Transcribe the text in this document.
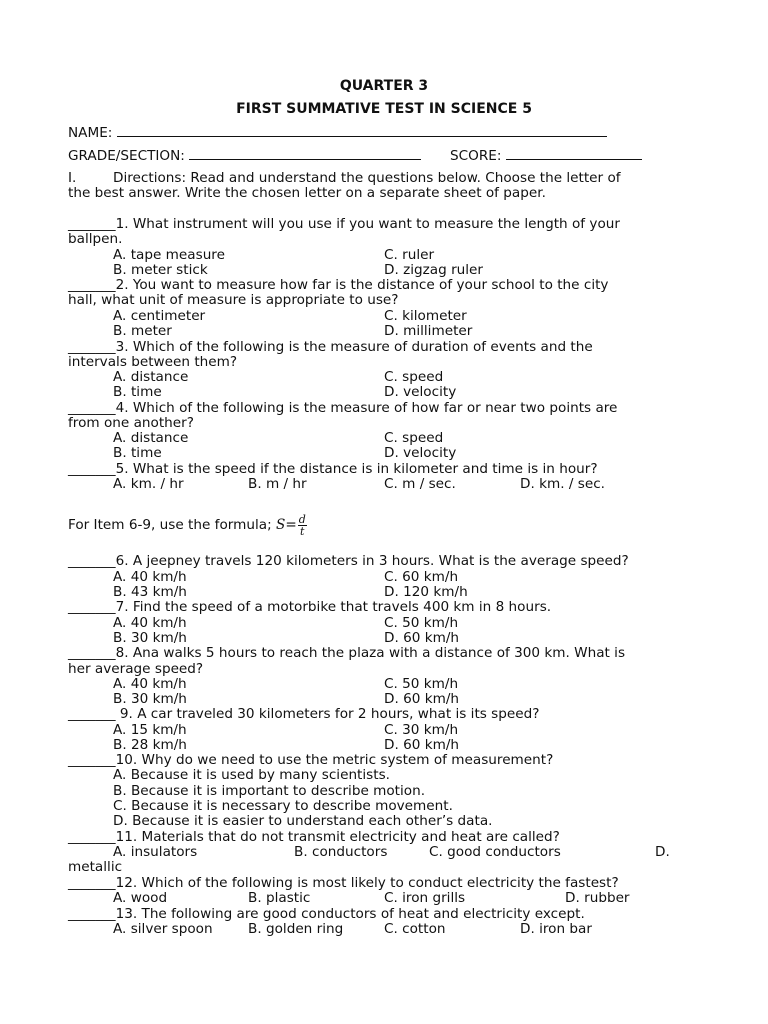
QUARTER 3
FIRST SUMMATIVE TEST IN SCIENCE 5
NAME:
GRADE/SECTION:	SCORE:
I.	Directions: Read and understand the questions below. Choose the letter of
the best answer. Write the chosen letter on a separate sheet of paper.
_______1. What instrument will you use if you want to measure the length of your
ballpen.
A. tape measure	C. ruler
B. meter stick	D. zigzag ruler
_______2. You want to measure how far is the distance of your school to the city
hall, what unit of measure is appropriate to use?
A. centimeter	C. kilometer
B. meter	D. millimeter
_______3. Which of the following is the measure of duration of events and the
intervals between them?
A. distance	C. speed
B. time	D. velocity
_______4. Which of the following is the measure of how far or near two points are
from one another?
A. distance	C. speed
B. time	D. velocity
_______5. What is the speed if the distance is in kilometer and time is in hour?
A. km. / hr	B. m / hr	C. m / sec.	D. km. / sec.
For Item 6-9, use the formula; $S= \frac{d}{t}$
_______6. A jeepney travels 120 kilometers in 3 hours. What is the average speed?
A. 40 km/h	C. 60 km/h
B. 43 km/h	D. 120 km/h
_______7. Find the speed of a motorbike that travels 400 km in 8 hours.
A. 40 km/h	C. 50 km/h
B. 30 km/h	D. 60 km/h
_______8. Ana walks 5 hours to reach the plaza with a distance of 300 km. What is
her average speed?
A. 40 km/h	C. 50 km/h
B. 30 km/h	D. 60 km/h
_______ 9. A car traveled 30 kilometers for 2 hours, what is its speed?
A. 15 km/h	C. 30 km/h
B. 28 km/h	D. 60 km/h
_______10. Why do we need to use the metric system of measurement?
A. Because it is used by many scientists.
B. Because it is important to describe motion.
C. Because it is necessary to describe movement.
D. Because it is easier to understand each other’s data.
_______11. Materials that do not transmit electricity and heat are called?
A. insulators	B. conductors	C. good conductors	D.
metallic
_______12. Which of the following is most likely to conduct electricity the fastest?
A. wood	B. plastic	C. iron grills	D. rubber
_______13. The following are good conductors of heat and electricity except.
A. silver spoon	B. golden ring	C. cotton	D. iron bar
